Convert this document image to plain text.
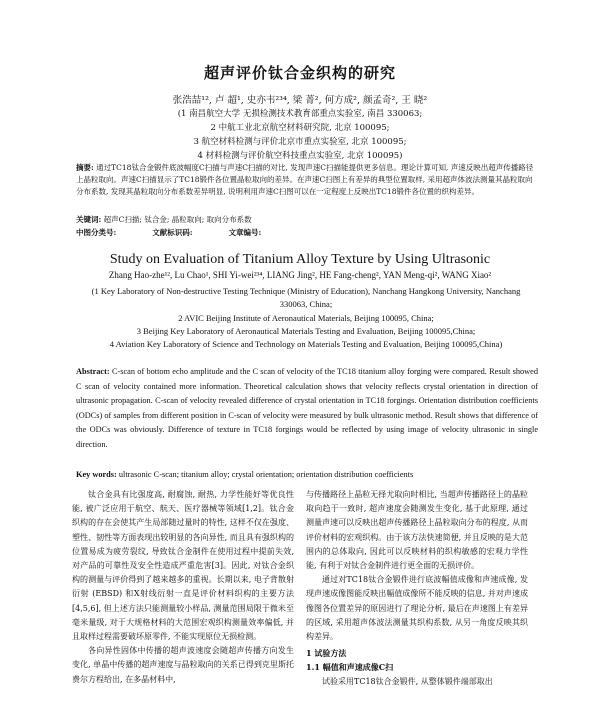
超声评价钛合金织构的研究
张浩喆¹², 卢 超¹, 史亦韦²³⁴, 梁 菁², 何方成², 颜孟奇², 王 晓²
(1 南昌航空大学 无损检测技术教育部重点实验室, 南昌 330063;
2 中航工业北京航空材料研究院, 北京 100095;
3 航空材料检测与评价北京市重点实验室, 北京 100095;
4 材料检测与评价航空科技重点实验室, 北京 100095)
摘要: 通过TC18钛合金锻件底波幅度C扫描与声速C扫描的对比, 发现声速C扫描能提供更多信息。理论计算可知, 声速反映出超声传播路径上晶粒取向。声速C扫描显示了TC18锻件各位置晶粒取向的差异。在声速C扫图上有差异的典型位置取样, 采用超声体波法测量其晶粒取向分布系数, 发现其晶粒取向分布系数差异明显, 说明利用声速C扫图可以在一定程度上反映出TC18锻件各位置的织构差异。
关键词: 超声C扫描; 钛合金; 晶粒取向; 取向分布系数
中图分类号:	文献标识码:	文章编号:
Study on Evaluation of Titanium Alloy Texture by Using Ultrasonic
Zhang Hao-zhe¹², Lu Chao¹, SHI Yi-wei²³⁴, LIANG Jing², HE Fang-cheng², YAN Meng-qi², WANG Xiao²
(1 Key Laboratory of Non-destructive Testing Technique (Ministry of Education), Nanchang Hangkong University, Nanchang 330063, China;
2 AVIC Beijing Institute of Aeronautical Materials, Beijing 100095, China;
3 Beijing Key Laboratory of Aeronautical Materials Testing and Evaluation, Beijing 100095,China;
4 Aviation Key Laboratory of Science and Technology on Materials Testing and Evaluation, Beijing 100095,China)
Abstract: C-scan of bottom echo amplitude and the C scan of velocity of the TC18 titanium alloy forging were compared. Result showed C scan of velocity contained more information. Theoretical calculation shows that velocity reflects crystal orientation in direction of ultrasonic propagation. C-scan of velocity revealed difference of crystal orientation in TC18 forgings. Orientation distribution coefficients (ODCs) of samples from different position in C-scan of velocity were measured by bulk ultrasonic method. Result shows that difference of the ODCs was obviously. Difference of texture in TC18 forgings would be reflected by using image of velocity ultrasonic in single direction.
Key words: ultrasonic C-scan; titanium alloy; crystal orientation; orientation distribution coefficients

钛合金具有比强度高, 耐腐蚀, 耐热, 力学性能好等优良性能, 被广泛应用于航空、航天、医疗器械等领域[1,2]。钛合金织构的存在会使其产生局部随过量时的特性, 这样不仅在强度、塑性、韧性等方面表现出较明显的各向异性, 而且具有强织构的位置易成为疲劳裂纹, 导致钛合金制件在使用过程中提前失效, 对产品的可靠性及安全性造成严重危害[3]。因此, 对钛合金织构的测量与评价得到了越来越多的重视。长期以来, 电子背散射衍射 (EBSD) 和X射线衍射一直是评价材料织构的主要方法[4,5,6], 但上述方法只能测量较小样品, 测量范围局限于微米至毫米量级, 对于大规格材料的大范围宏观织构测量效率偏低, 并且取样过程需要破坏原零件, 不能实现原位无损检测。

各向异性固体中传播的超声波速度会随超声传播方向发生变化, 单晶中传播的超声速度与晶粒取向的关系已得到克里斯托费尔方程给出, 在多晶材料中,

与传播路径上晶粒无择尤取向时相比, 当超声传播路径上的晶粒取向趋于一致时, 超声速度会随测发生变化, 基于此原理, 通过测量声速可以反映出超声传播路径上晶粒取向分布的程度, 从而评价材料的宏观织构。由于该方法快速简便, 并且反映的是大范围内的总体取向, 因此可以反映材料的织构敏感的宏观力学性能, 有利于对钛合金制件进行更全面的无损评价。

通过对TC18钛合金锻件进行底波幅值成像和声速成像, 发现声速成像图能反映出幅值成像所不能反映的信息, 并对声速成像图各位置差异的原因进行了理论分析, 最后在声速图上有差异的区域, 采用超声体波法测量其织构系数, 从另一角度反映其织构差异。

1 试验方法

1.1 幅值和声速成像C扫

试验采用TC18钛合金锻件, 从整体锻件端部取出
